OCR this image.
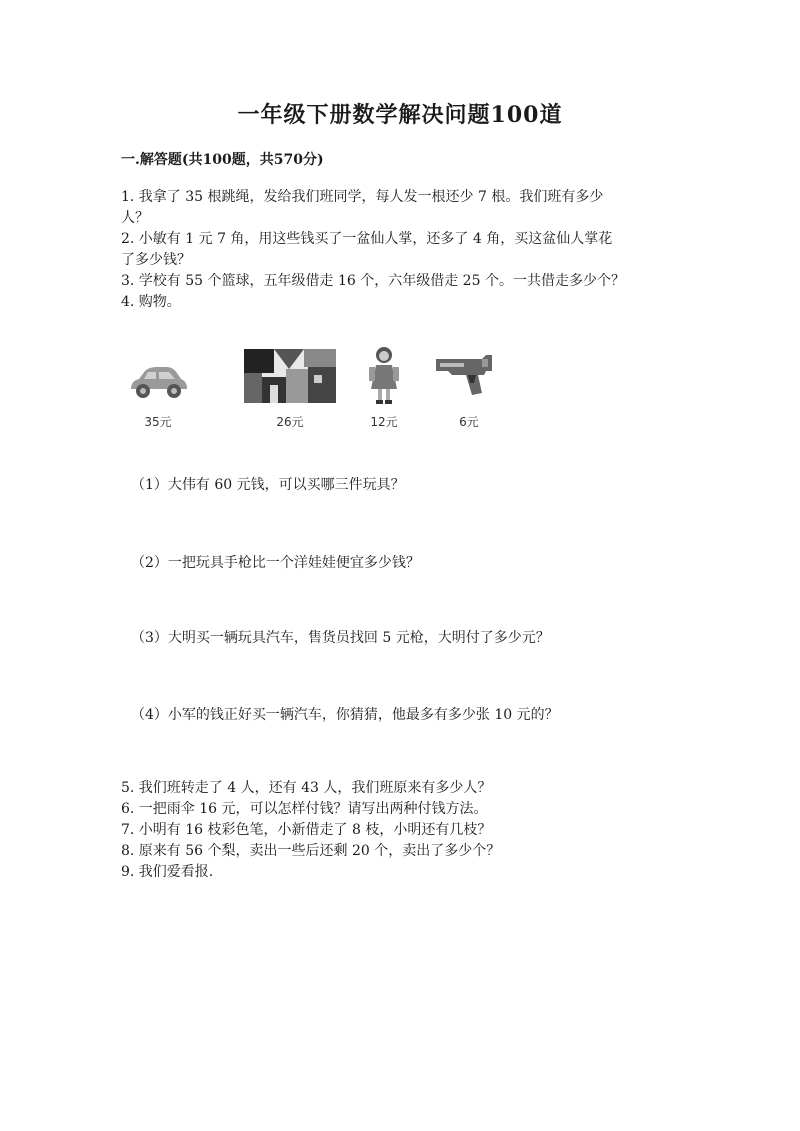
一年级下册数学解决问题100道
一.解答题(共100题，共570分)
1. 我拿了 35 根跳绳，发给我们班同学，每人发一根还少 7 根。我们班有多少
人？
2. 小敏有 1 元 7 角，用这些钱买了一盆仙人掌，还多了 4 角，买这盆仙人掌花
了多少钱？
3. 学校有 55 个篮球，五年级借走 16 个，六年级借走 25 个。一共借走多少个？
4. 购物。
35元	26元	12元	6元
（1）大伟有 60 元钱，可以买哪三件玩具？
（2）一把玩具手枪比一个洋娃娃便宜多少钱？
（3）大明买一辆玩具汽车，售货员找回 5 元枪，大明付了多少元？
（4）小军的钱正好买一辆汽车，你猜猜，他最多有多少张 10 元的？
5. 我们班转走了 4 人，还有 43 人，我们班原来有多少人？
6. 一把雨伞 16 元，可以怎样付钱？请写出两种付钱方法。
7. 小明有 16 枝彩色笔，小新借走了 8 枝，小明还有几枝？
8. 原来有 56 个梨，卖出一些后还剩 20 个，卖出了多少个？
9. 我们爱看报.
